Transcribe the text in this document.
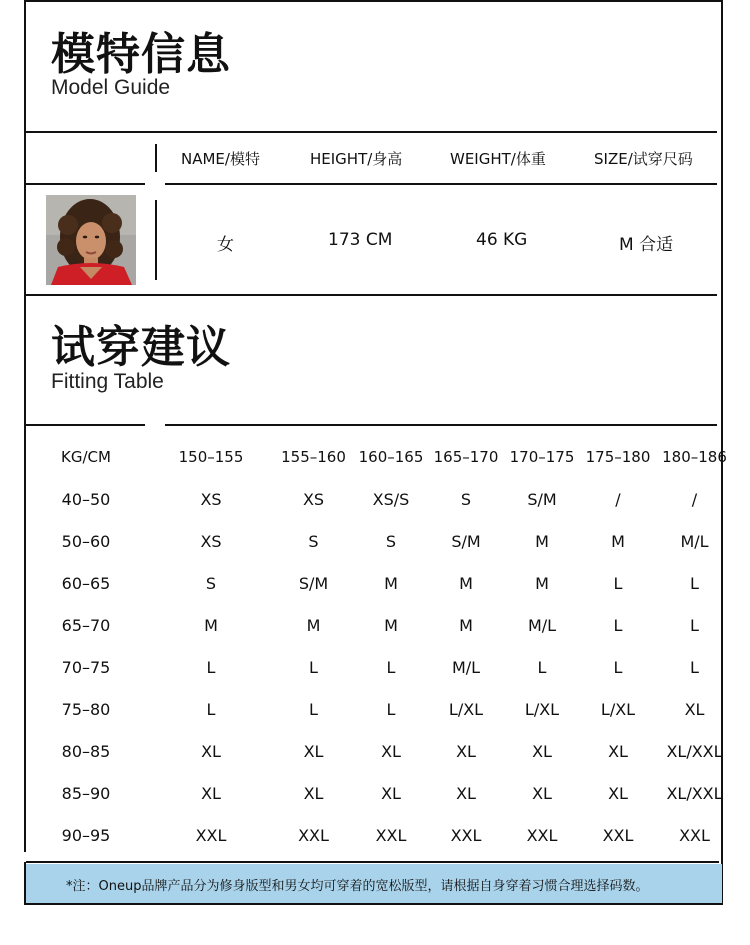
模特信息

Model Guide

NAME/模特	HEIGHT/身高	WEIGHT/体重	SIZE/试穿尺码
女	173 CM	46 KG	M 合适
试穿建议

Fitting Table

KG/CM	150–155	155–160	160–165	165–170	170–175	175–180	180–186
40–50	XS	XS	XS/S	S	S/M	/	/
50–60	XS	S	S	S/M	M	M	M/L
60–65	S	S/M	M	M	M	L	L
65–70	M	M	M	M	M/L	L	L
70–75	L	L	L	M/L	L	L	L
75–80	L	L	L	L/XL	L/XL	L/XL	XL
80–85	XL	XL	XL	XL	XL	XL	XL/XXL
85–90	XL	XL	XL	XL	XL	XL	XL/XXL
90–95	XXL	XXL	XXL	XXL	XXL	XXL	XXL
*注：Oneup品牌产品分为修身版型和男女均可穿着的宽松版型，请根据自身穿着习惯合理选择码数。
